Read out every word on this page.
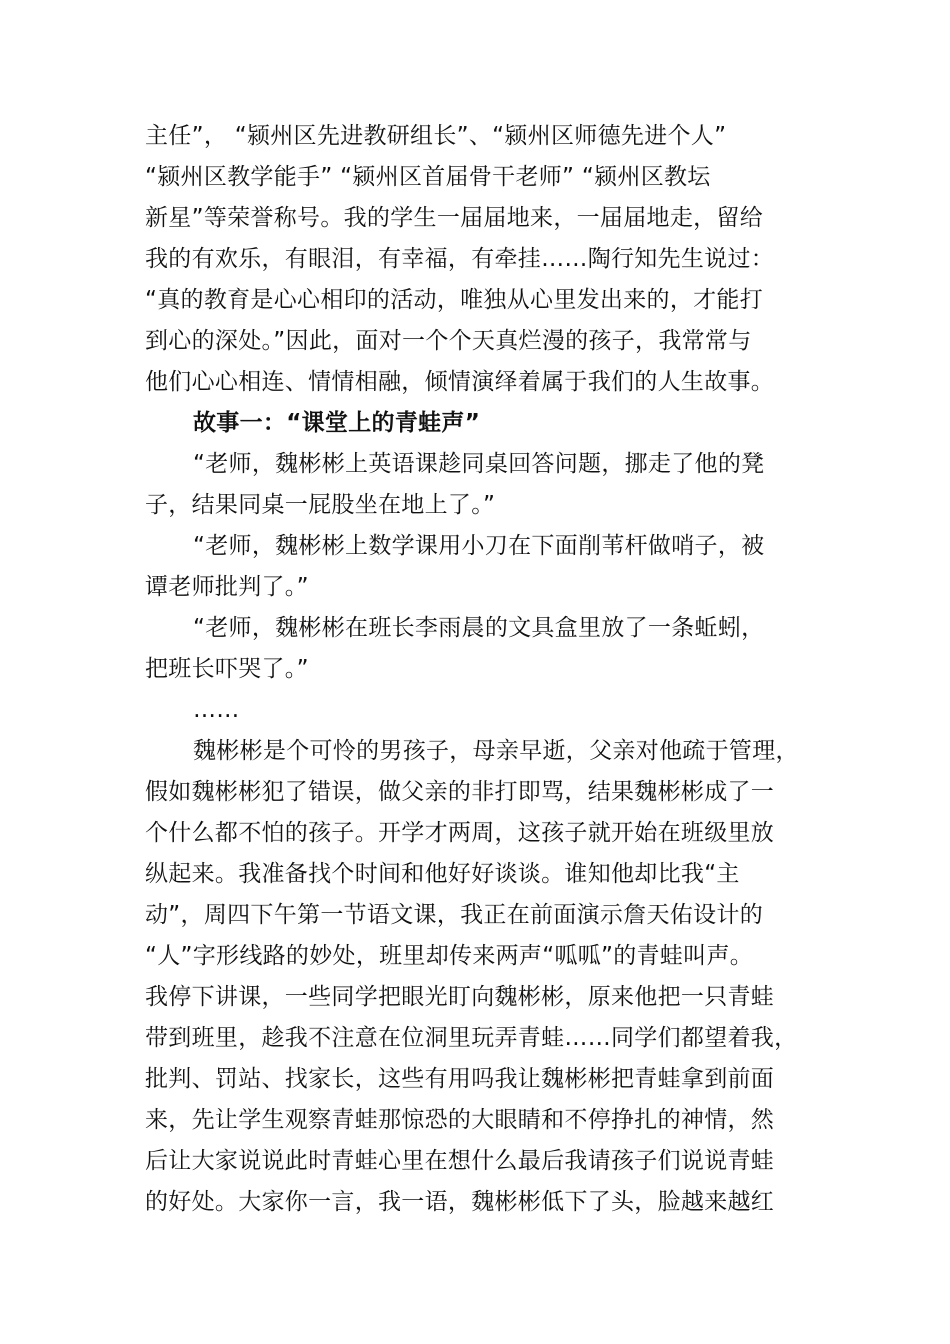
主任”， “颍州区先进教研组长”、“颍州区师德先进个人”
“颍州区教学能手” “颍州区首届骨干老师” “颍州区教坛
新星”等荣誉称号。我的学生一届届地来，一届届地走，留给
我的有欢乐，有眼泪，有幸福，有牵挂……陶行知先生说过：
“真的教育是心心相印的活动，唯独从心里发出来的，才能打
到心的深处。”因此，面对一个个天真烂漫的孩子，我常常与
他们心心相连、情情相融，倾情演绎着属于我们的人生故事。
故事一：“课堂上的青蛙声”
“老师，魏彬彬上英语课趁同桌回答问题，挪走了他的凳
子，结果同桌一屁股坐在地上了。”
“老师，魏彬彬上数学课用小刀在下面削苇杆做哨子，被
谭老师批判了。”
“老师，魏彬彬在班长李雨晨的文具盒里放了一条蚯蚓，
把班长吓哭了。”
……
魏彬彬是个可怜的男孩子，母亲早逝，父亲对他疏于管理，
假如魏彬彬犯了错误，做父亲的非打即骂，结果魏彬彬成了一
个什么都不怕的孩子。开学才两周，这孩子就开始在班级里放
纵起来。我准备找个时间和他好好谈谈。谁知他却比我“主
动”，周四下午第一节语文课，我正在前面演示詹天佑设计的
“人”字形线路的妙处，班里却传来两声“呱呱”的青蛙叫声。
我停下讲课，一些同学把眼光盯向魏彬彬，原来他把一只青蛙
带到班里，趁我不注意在位洞里玩弄青蛙……同学们都望着我，
批判、罚站、找家长，这些有用吗我让魏彬彬把青蛙拿到前面
来，先让学生观察青蛙那惊恐的大眼睛和不停挣扎的神情，然
后让大家说说此时青蛙心里在想什么最后我请孩子们说说青蛙
的好处。大家你一言，我一语，魏彬彬低下了头，脸越来越红
